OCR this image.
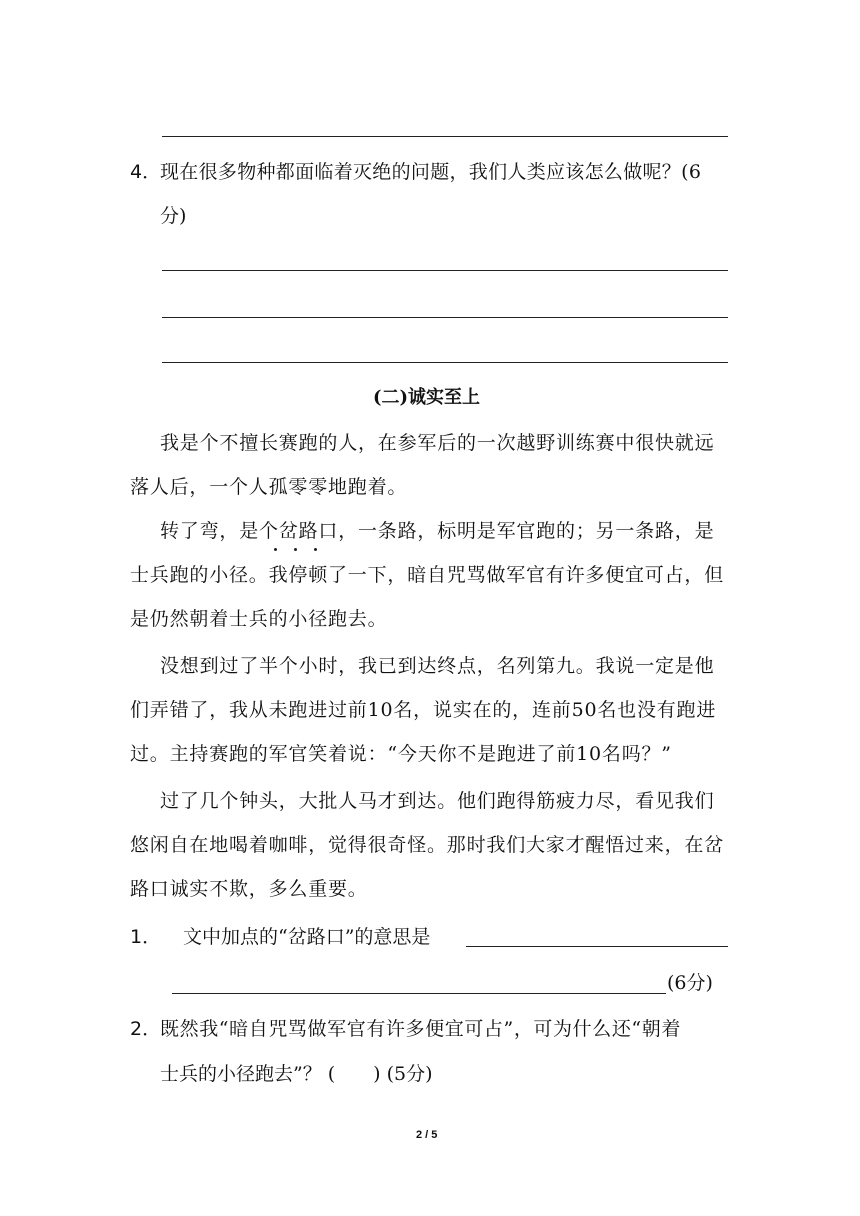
4．
现在很多物种都面临着灭绝的问题，我们人类应该怎么做呢？(6
分)
(二)诚实至上
我是个不擅长赛跑的人，在参军后的一次越野训练赛中很快就远
落人后，一个人孤零零地跑着。
转了弯，是个岔路口，一条路，标明是军官跑的；另一条路，是
士兵跑的小径。我停顿了一下，暗自咒骂做军官有许多便宜可占，但
是仍然朝着士兵的小径跑去。
没想到过了半个小时，我已到达终点，名列第九。我说一定是他
们弄错了，我从未跑进过前10名，说实在的，连前50名也没有跑进
过。主持赛跑的军官笑着说：“今天你不是跑进了前10名吗？”
过了几个钟头，大批人马才到达。他们跑得筋疲力尽，看见我们
悠闲自在地喝着咖啡，觉得很奇怪。那时我们大家才醒悟过来，在岔
路口诚实不欺，多么重要。
1． 文中加点的“岔路口”的意思是
(6分)
2．
既然我“暗自咒骂做军官有许多便宜可占”，可为什么还“朝着
士兵的小径跑去”？ (　　) (5分)
2 / 5
